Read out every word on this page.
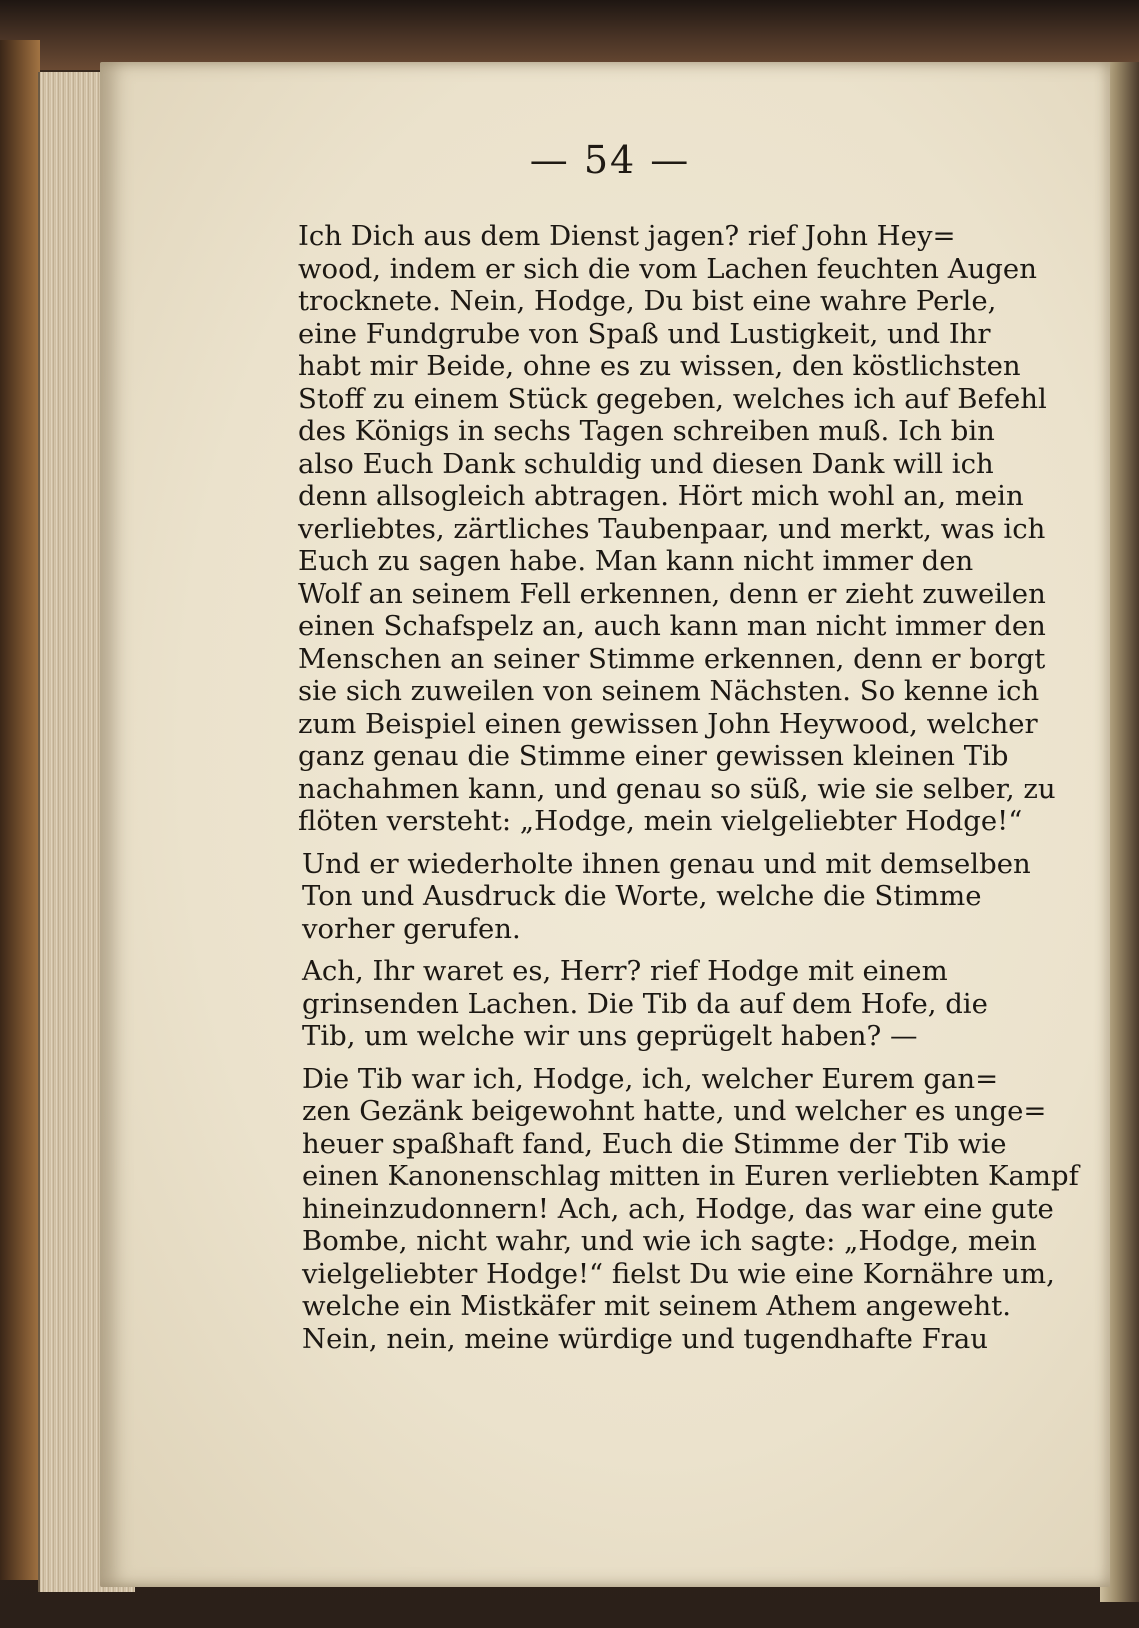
— 54 —

Ich Dich aus dem Dienst jagen? rief John Hey=
wood, indem er sich die vom Lachen feuchten Augen
trocknete. Nein, Hodge, Du bist eine wahre Perle,
eine Fundgrube von Spaß und Lustigkeit, und Ihr
habt mir Beide, ohne es zu wissen, den köstlichsten
Stoff zu einem Stück gegeben, welches ich auf Befehl
des Königs in sechs Tagen schreiben muß. Ich bin
also Euch Dank schuldig und diesen Dank will ich
denn allsogleich abtragen. Hört mich wohl an, mein
verliebtes, zärtliches Taubenpaar, und merkt, was ich
Euch zu sagen habe. Man kann nicht immer den
Wolf an seinem Fell erkennen, denn er zieht zuweilen
einen Schafspelz an, auch kann man nicht immer den
Menschen an seiner Stimme erkennen, denn er borgt
sie sich zuweilen von seinem Nächsten. So kenne ich
zum Beispiel einen gewissen John Heywood, welcher
ganz genau die Stimme einer gewissen kleinen Tib
nachahmen kann, und genau so süß, wie sie selber, zu
flöten versteht: „Hodge, mein vielgeliebter Hodge!“

Und er wiederholte ihnen genau und mit demselben
Ton und Ausdruck die Worte, welche die Stimme
vorher gerufen.

Ach, Ihr waret es, Herr? rief Hodge mit einem
grinsenden Lachen. Die Tib da auf dem Hofe, die
Tib, um welche wir uns geprügelt haben? —

Die Tib war ich, Hodge, ich, welcher Eurem gan=
zen Gezänk beigewohnt hatte, und welcher es unge=
heuer spaßhaft fand, Euch die Stimme der Tib wie
einen Kanonenschlag mitten in Euren verliebten Kampf
hineinzudonnern! Ach, ach, Hodge, das war eine gute
Bombe, nicht wahr, und wie ich sagte: „Hodge, mein
vielgeliebter Hodge!“ fielst Du wie eine Kornähre um,
welche ein Mistkäfer mit seinem Athem angeweht.
Nein, nein, meine würdige und tugendhafte Frau
